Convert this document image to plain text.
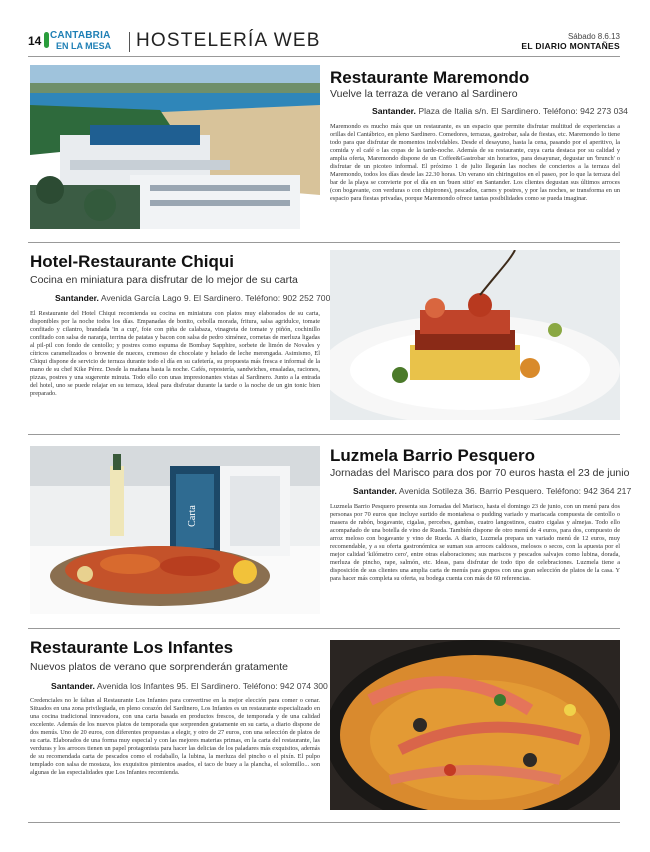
14 CANTABRIA
EN LA MESA HOSTELERÍA WEB	Sábado 8.6.13
EL DIARIO MONTAÑES
Restaurante Maremondo
Vuelve la terraza de verano al Sardinero
Santander. Plaza de Italia s/n. El Sardinero. Teléfono: 942 273 034

Maremondo es mucho más que un restaurante, es un espacio que permite disfrutar multitud de experiencias a orillas del Cantábrico, en pleno Sardinero. Comedores, terrazas, gastrobar, sala de fiestas, etc. Maremondo lo tiene todo para que disfrutar de momentos inolvidables. Desde el desayuno, hasta la cena, pasando por el aperitivo, la comida y el café o las copas de la tarde-noche. Además de su restaurante, cuya carta destaca por su calidad y amplia oferta, Maremondo dispone de un Coffee&Gastrobar sin horarios, para desayunar, degustar un 'brunch' o disfrutar de un picoteo informal. El próximo 1 de julio llegarán las noches de conciertos a la terraza del Maremondo, todos los días desde las 22.30 horas. Un verano sin chiringuitos en el paseo, por lo que la terraza del bar de la playa se convierte por el día en un 'buen sitio' en Santander. Los clientes degustan sus últimos arroces (con bogavante, con verduras o con chipirones), pescados, carnes y postres, y por las noches, se transforma en un espacio para fiestas privadas, porque Maremondo ofrece tantas posibilidades como se pueda imaginar.

Hotel-Restaurante Chiqui
Cocina en miniatura para disfrutar de lo mejor de su carta
Santander. Avenida García Lago 9. El Sardinero. Teléfono: 902 252 700

El Restaurante del Hotel Chiqui recomienda su cocina en miniatura con platos muy elaborados de su carta, disponibles por la noche todos los días. Empanadas de bonito, cebolla morada, fritura, salsa agridulce, tomate confitado y cilantro, brandada 'in a cup', foie con piña de calabaza, vinagreta de tomate y piñón, cochinillo confitado con salsa de naranja, terrina de patatas y bacon con salsa de pedro ximénez, cornetas de merluza ligadas al pil-pil con fondo de centollo; y postres como espuma de Bombay Sapphire, sorbete de limón de Novales y cítricos caramelizados o brownie de nueces, cremoso de chocolate y helado de leche merengada. Asimismo, El Chiqui dispone de servicio de terraza durante todo el día en su cafetería, su propuesta más fresca e informal de la mano de su chef Kike Pérez. Desde la mañana hasta la noche. Cafés, repostería, sandwiches, ensaladas, raciones, pizzas, postres y una sugerente minuta. Todo ello con unas impresionantes vistas al Sardinero. Junto a la entrada del hotel, uno se puede relajar en su terraza, ideal para disfrutar durante la tarde o la noche de un gin tonic bien preparado.

Carta
Luzmela Barrio Pesquero
Jornadas del Marisco para dos por 70 euros hasta el 23 de junio
Santander. Avenida Sotileza 36. Barrio Pesquero. Teléfono: 942 364 217

Luzmela Barrio Pesquero presenta sus Jornadas del Marisco, hasta el domingo 23 de junio, con un menú para dos personas por 70 euros que incluye surtido de montañesa o pudding variado y mariscada compuesta de centollo o masera de rabón, bogavante, cigalas, percebes, gambas, cuatro langostinos, cuatro cigalas y almejas. Todo ello acompañado de una botella de vino de Rueda. También dispone de otro menú de 4 euros, para dos, compuesto de arroz meloso con bogavante y vino de Rueda. A diario, Luzmela prepara un variado menú de 12 euros, muy recomendable, y a su oferta gastronómica se suman sus arroces caldosos, melosos o secos, con la apuesta por el mejor calidad 'kilómetro cero', entre otras elaboraciones; sus mariscos y pescados salvajes como lubina, dorada, merluza de pincho, rape, salmón, etc. Ideas, para disfrutar de todo tipo de celebraciones. Luzmela tiene a disposición de sus clientes una amplia carta de menús para grupos con una gran selección de platos de la casa. Y para hacer más completa su oferta, su bodega cuenta con más de 60 referencias.

Restaurante Los Infantes
Nuevos platos de verano que sorprenderán gratamente
Santander. Avenida los Infantes 95. El Sardinero. Teléfono: 942 074 300

Credenciales no le faltan al Restaurante Los Infantes para convertirse en la mejor elección para comer o cenar. Situados en una zona privilegiada, en pleno corazón del Sardinero, Los Infantes es un restaurante especializado en una cocina tradicional innovadora, con una carta basada en productos frescos, de temporada y de una calidad excelente. Además de los nuevos platos de temporada que sorprenden gratamente en su carta, a diario dispone de dos menús. Uno de 20 euros, con diferentes propuestas a elegir, y otro de 27 euros, con una selección de platos de su carta. Elaborados de una forma muy especial y con las mejores materias primas, en la carta del restaurante, las verduras y los arroces tienen un papel protagonista para hacer las delicias de los paladares más exquisitos, además de su recomendada carta de pescados como el rodaballo, la lubina, la merluza del pincho o el pixín. El pulpo templado con salsa de mostaza, los exquisitos pimientos asados, el taco de buey a la plancha, el solomillo... son algunas de las especialidades que Los Infantes recomienda.
